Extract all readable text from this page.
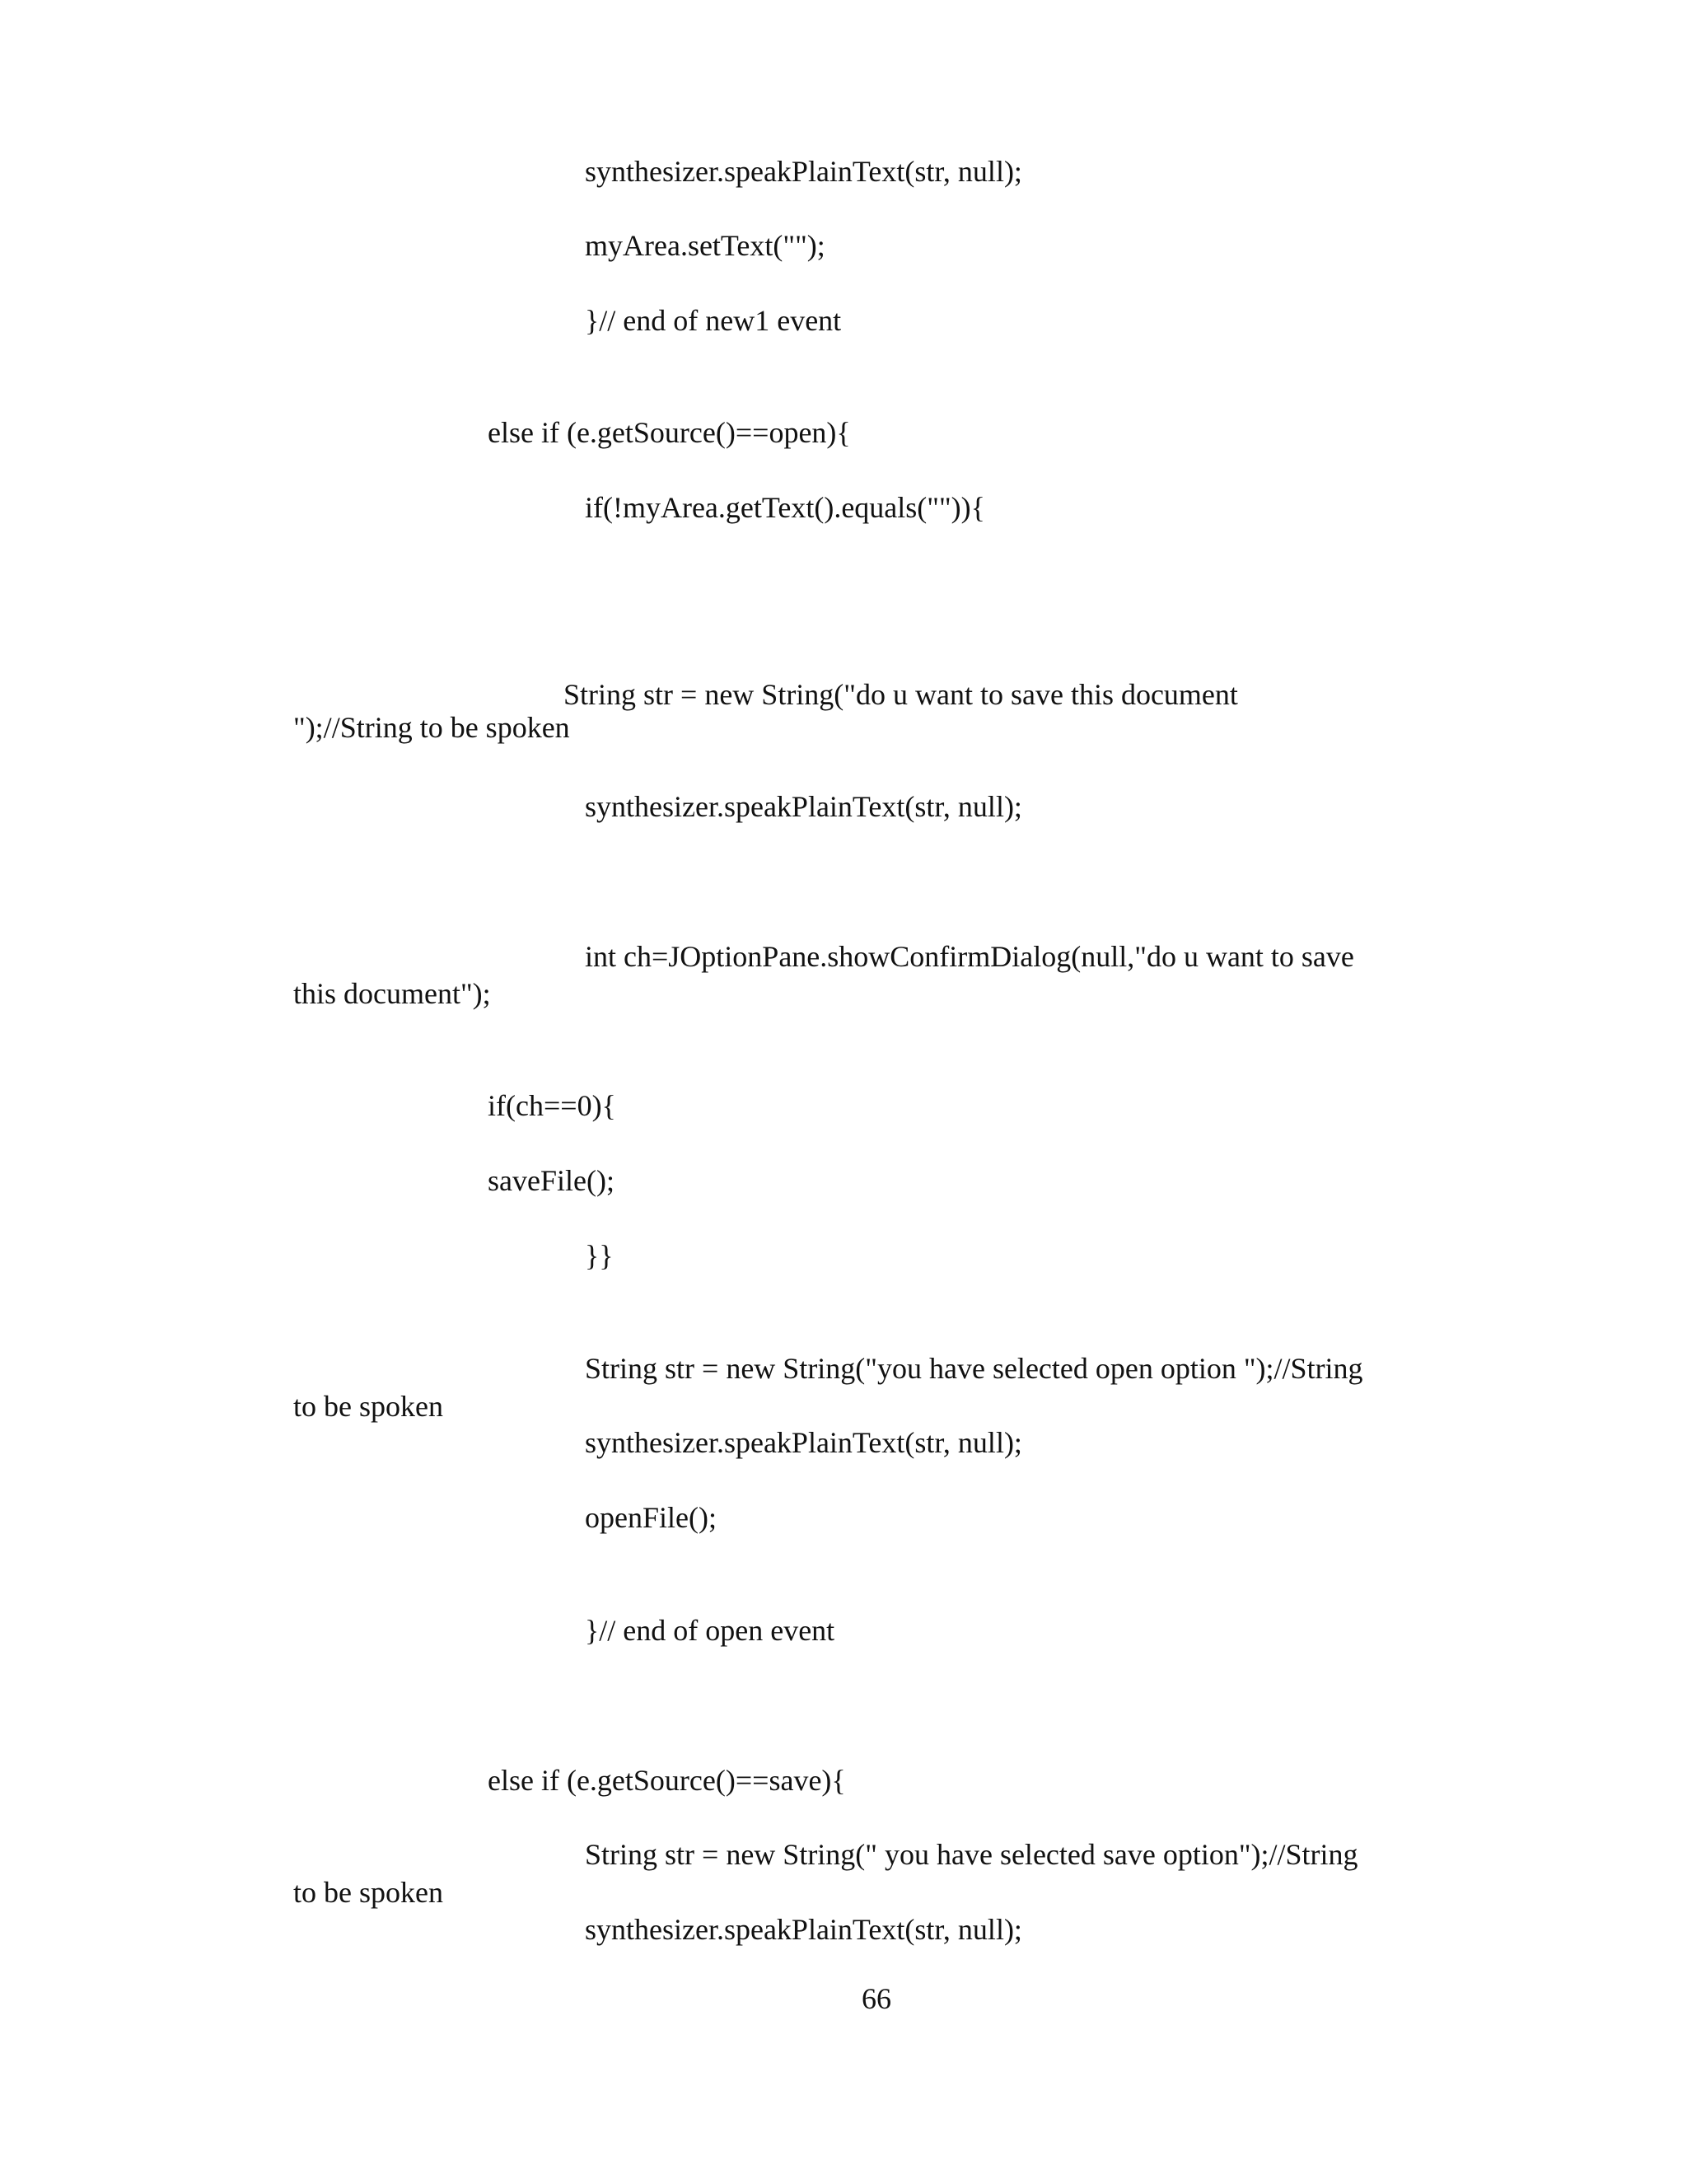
synthesizer.speakPlainText(str, null);

myArea.setText("");

}// end of new1 event

else if (e.getSource()==open){

if(!myArea.getText().equals("")){

String str = new String("do u want to save this document

");//String to be spoken

synthesizer.speakPlainText(str, null);

int ch=JOptionPane.showConfirmDialog(null,"do u want to save

this document");

if(ch==0){

saveFile();

}}

String str = new String("you have selected open option ");//String

to be spoken

synthesizer.speakPlainText(str, null);

openFile();

}// end of open event

else if (e.getSource()==save){

String str = new String(" you have selected save option");//String

to be spoken

synthesizer.speakPlainText(str, null);

66
